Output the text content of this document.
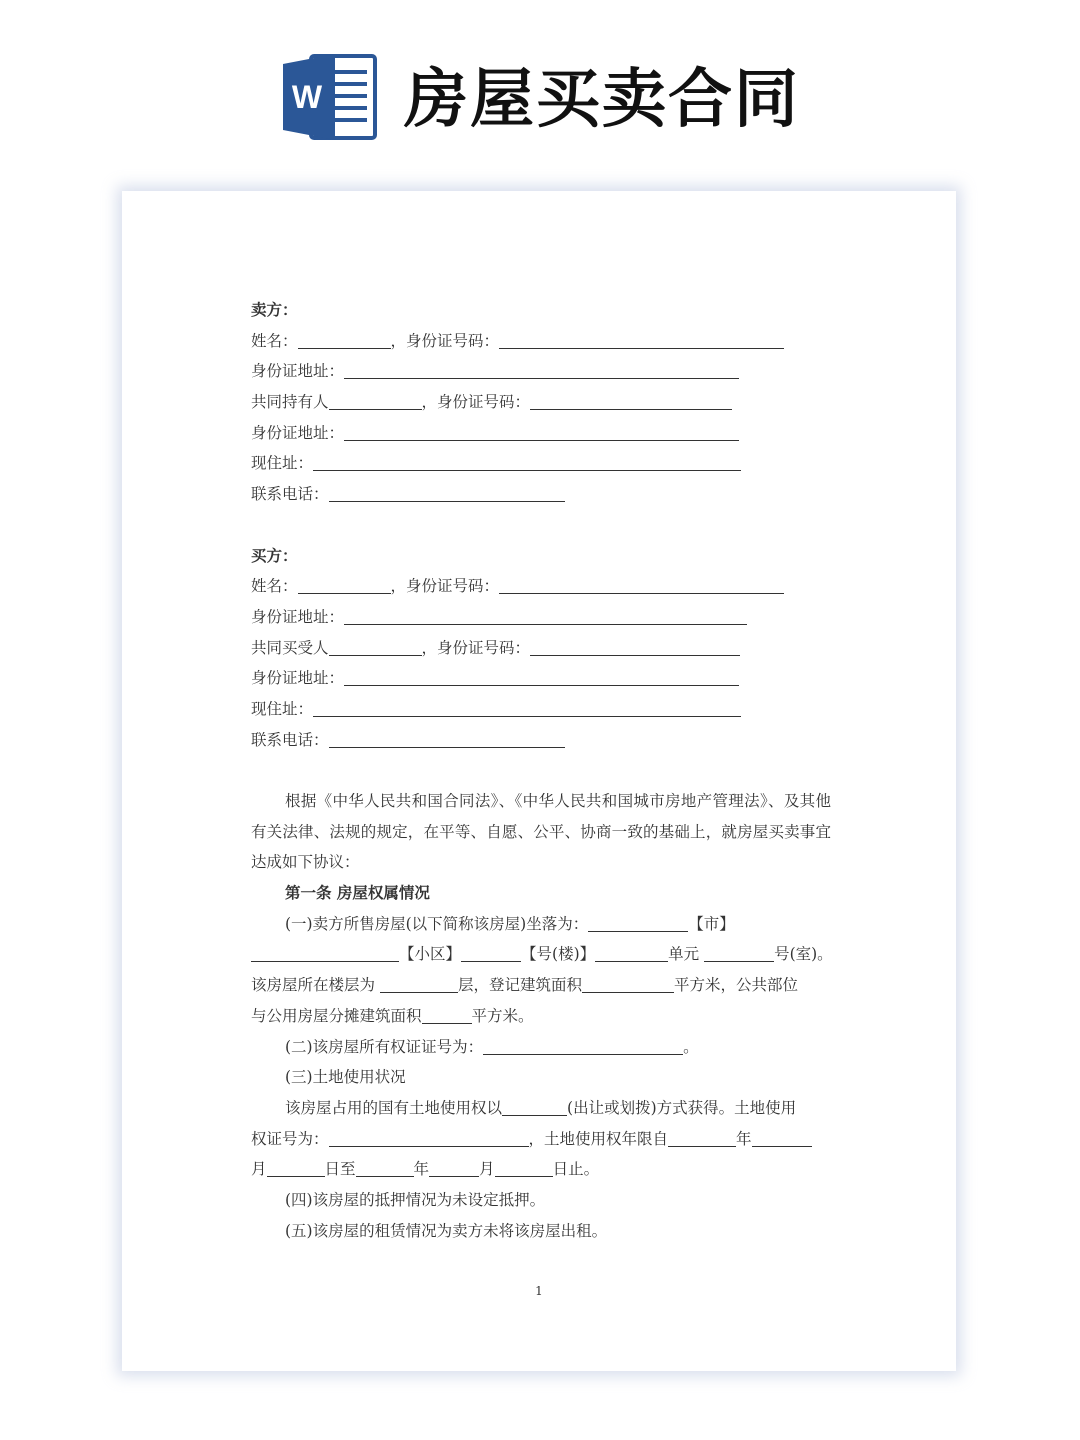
W 房屋买卖合同
卖方：
姓名：	，身份证号码：
身份证地址：
共同持有人	，身份证号码：
身份证地址：
现住址：
联系电话：
买方：
姓名：	，身份证号码：
身份证地址：
共同买受人	，身份证号码：
身份证地址：
现住址：
联系电话：
根据《中华人民共和国合同法》、《中华人民共和国城市房地产管理法》、及其他有关法律、法规的规定，在平等、自愿、公平、协商一致的基础上，就房屋买卖事宜达成如下协议：
第一条 房屋权属情况
(一)卖方所售房屋(以下简称该房屋)坐落为：	【市】
【小区】	【号(楼)】	单元	号(室)。
该房屋所在楼层为	层，登记建筑面积	平方米，公共部位
与公用房屋分摊建筑面积	平方米。
(二)该房屋所有权证证号为：	。
(三)土地使用状况
该房屋占用的国有土地使用权以	(出让或划拨)方式获得。土地使用
权证号为：	，土地使用权年限自	年
月	日至	年	月	日止。
(四)该房屋的抵押情况为未设定抵押。
(五)该房屋的租赁情况为卖方未将该房屋出租。
1
